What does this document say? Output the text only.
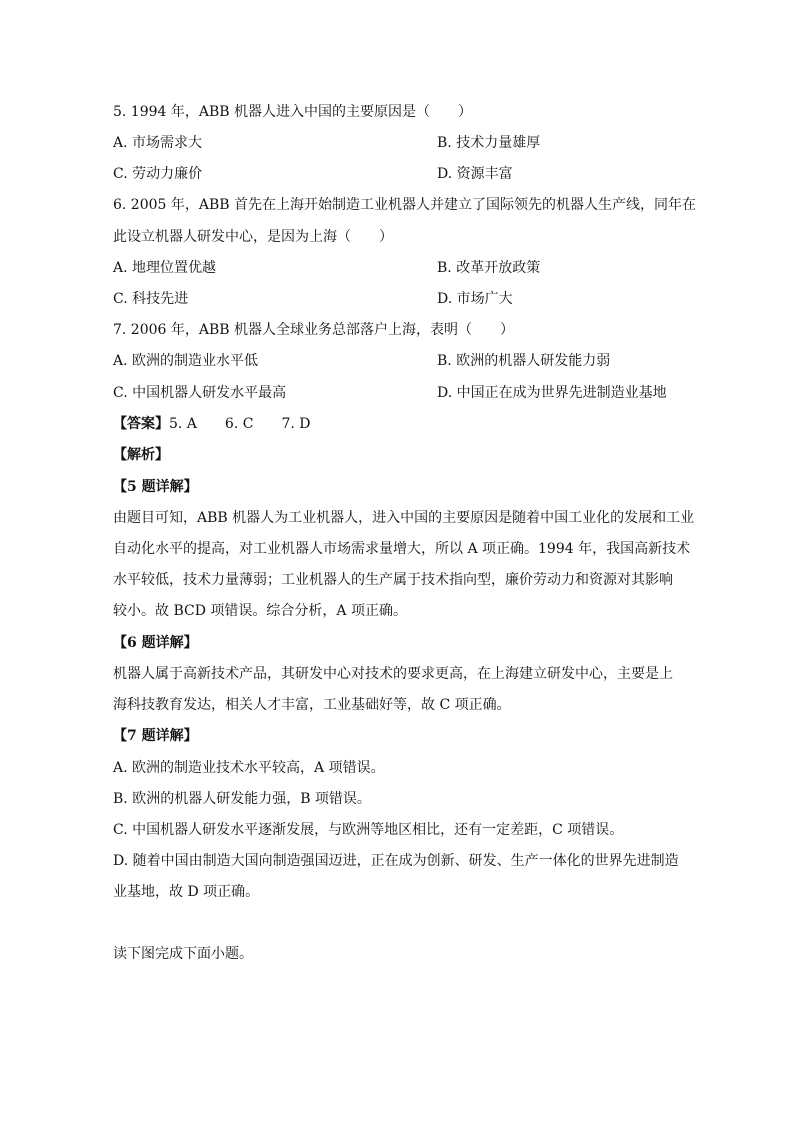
5. 1994 年，ABB 机器人进入中国的主要原因是（　　）
A. 市场需求大	B. 技术力量雄厚
C. 劳动力廉价	D. 资源丰富
6. 2005 年，ABB 首先在上海开始制造工业机器人并建立了国际领先的机器人生产线，同年在
此设立机器人研发中心，是因为上海（　　）
A. 地理位置优越	B. 改革开放政策
C. 科技先进	D. 市场广大
7. 2006 年，ABB 机器人全球业务总部落户上海，表明（　　）
A. 欧洲的制造业水平低	B. 欧洲的机器人研发能力弱
C. 中国机器人研发水平最高	D. 中国正在成为世界先进制造业基地
【答案】5. A 6. C 7. D
【解析】
【5 题详解】
由题目可知，ABB 机器人为工业机器人，进入中国的主要原因是随着中国工业化的发展和工业
自动化水平的提高，对工业机器人市场需求量增大，所以 A 项正确。1994 年，我国高新技术
水平较低，技术力量薄弱；工业机器人的生产属于技术指向型，廉价劳动力和资源对其影响
较小。故 BCD 项错误。综合分析，A 项正确。
【6 题详解】
机器人属于高新技术产品，其研发中心对技术的要求更高，在上海建立研发中心，主要是上
海科技教育发达，相关人才丰富，工业基础好等，故 C 项正确。
【7 题详解】
A. 欧洲的制造业技术水平较高，A 项错误。
B. 欧洲的机器人研发能力强，B 项错误。
C. 中国机器人研发水平逐渐发展，与欧洲等地区相比，还有一定差距，C 项错误。
D. 随着中国由制造大国向制造强国迈进，正在成为创新、研发、生产一体化的世界先进制造
业基地，故 D 项正确。
读下图完成下面小题。
